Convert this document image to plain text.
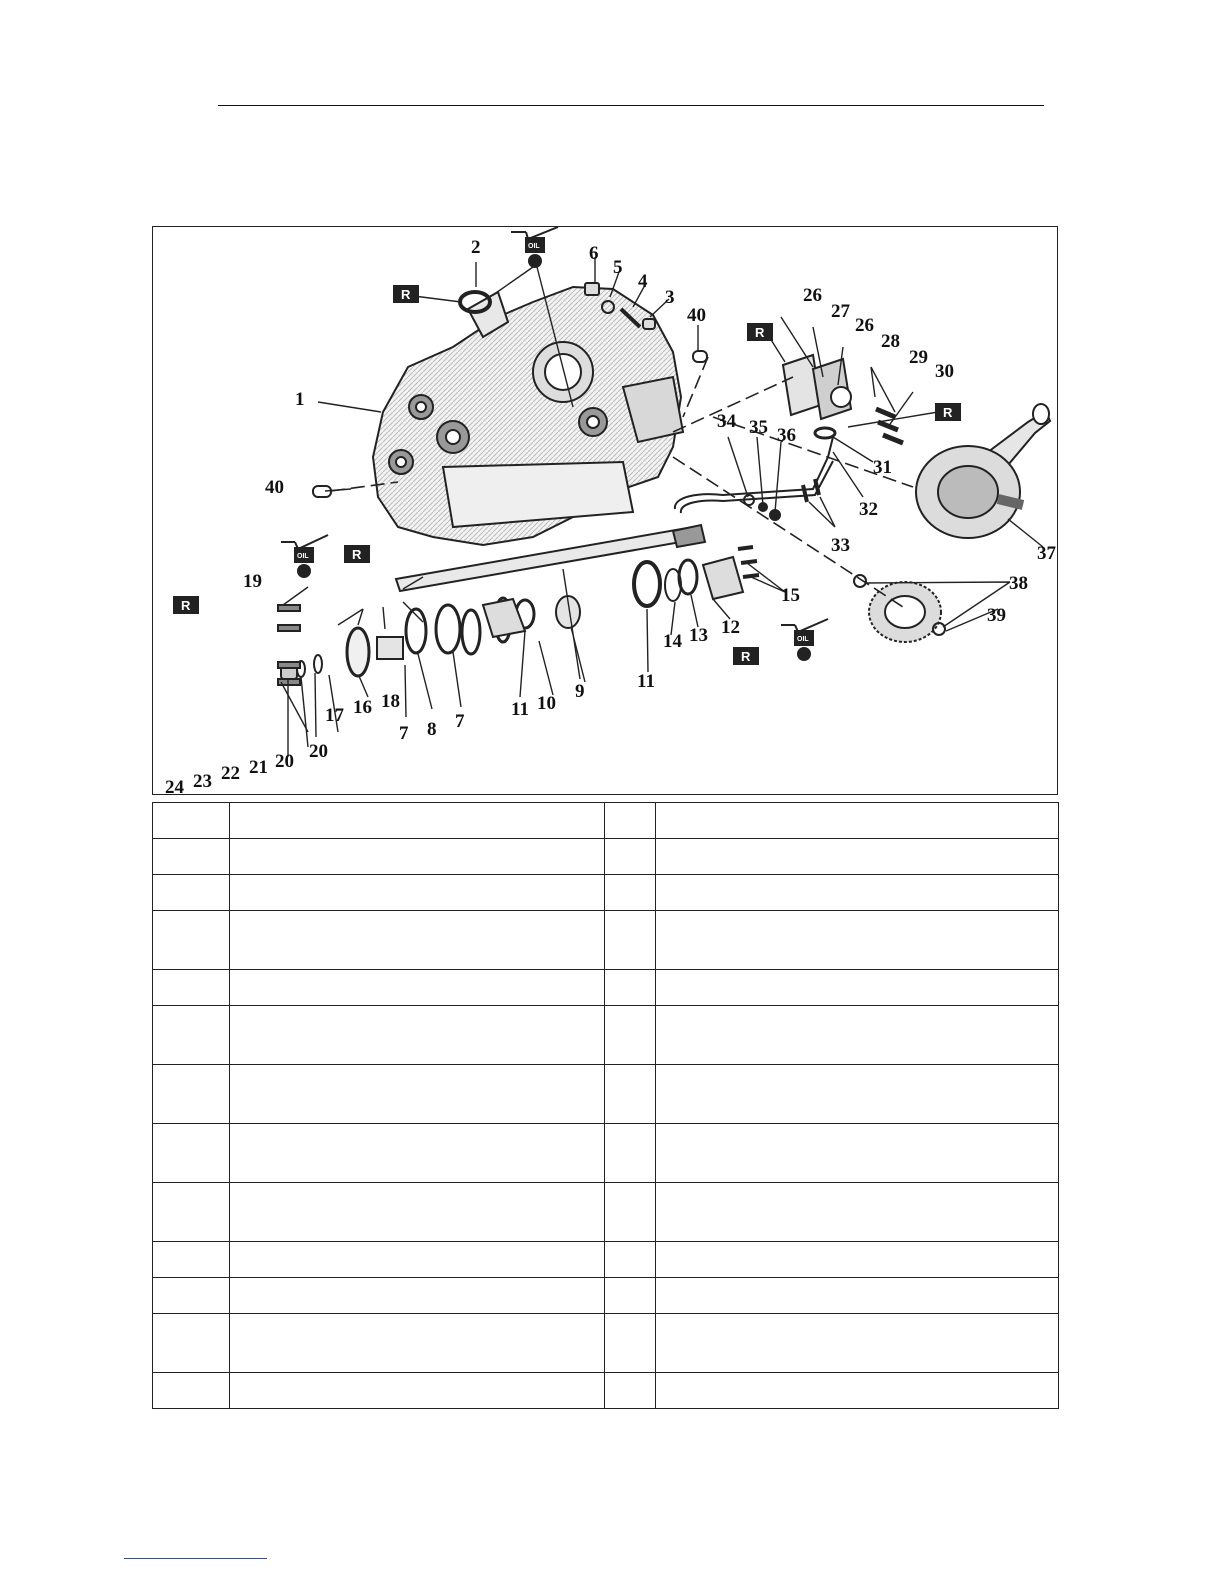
1
2	6
5
4
3
40
40
26
27
26
28
29
30
31
32
33
34 35 36
37
38
39
15
12
13
14
11
9
10
11
7
8
7
18
16
17
19
20
20
21
22
23
24
R
R
R
R
R
R
OIL
OIL
OIL
